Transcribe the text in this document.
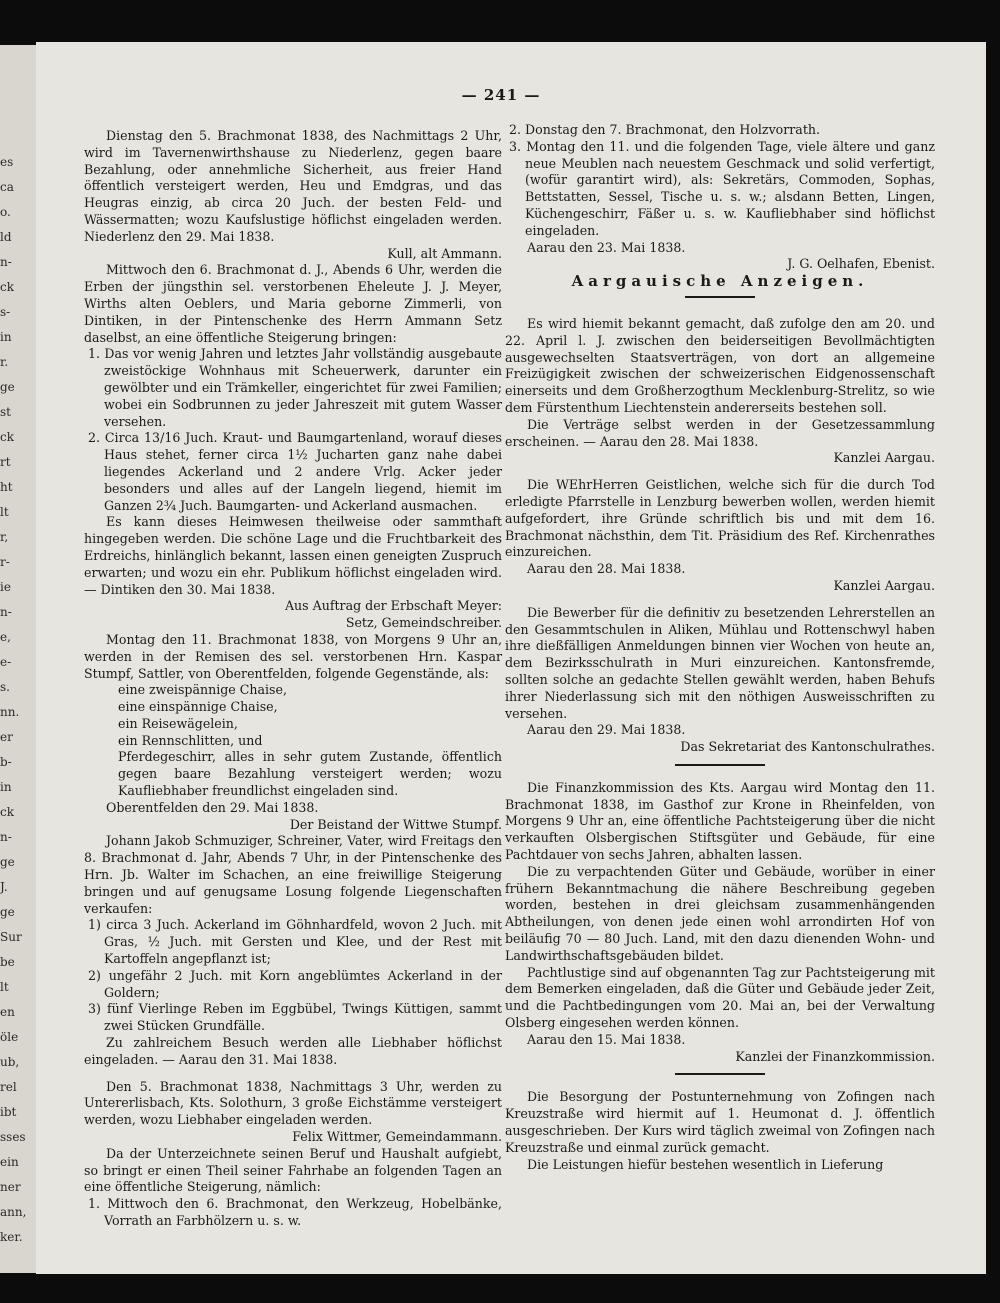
es
ca
o.
ld
n-
ck
s-
in
r.
ge
st
ck
rt
ht
lt
r,
r-
ie
n-
e,
e-
s.
nn.
er
b-
in
ck
n-
ge
J.
ge
Sur
be
lt
en
öle
ub,
rel
ibt
sses
ein
ner
ann,
ker.
— 241 —

Dienstag den 5. Brachmonat 1838, des Nachmittags 2 Uhr, wird im Tavernenwirthshause zu Niederlenz, gegen baare Bezahlung, oder annehmliche Sicherheit, aus freier Hand öffentlich versteigert werden, Heu und Emdgras, und das Heugras einzig, ab circa 20 Juch. der besten Feld- und Wässermatten; wozu Kaufslustige höflichst eingeladen werden. Niederlenz den 29. Mai 1838.

Kull, alt Ammann.

Mittwoch den 6. Brachmonat d. J., Abends 6 Uhr, werden die Erben der jüngsthin sel. verstorbenen Eheleute J. J. Meyer, Wirths alten Oeblers, und Maria geborne Zimmerli, von Dintiken, in der Pintenschenke des Herrn Ammann Setz daselbst, an eine öffentliche Steigerung bringen:

1. Das vor wenig Jahren und letztes Jahr vollständig ausgebaute zweistöckige Wohnhaus mit Scheuerwerk, darunter ein gewölbter und ein Trämkeller, eingerichtet für zwei Familien; wobei ein Sodbrunnen zu jeder Jahreszeit mit gutem Wasser versehen.

2. Circa 13/16 Juch. Kraut- und Baumgartenland, worauf dieses Haus stehet, ferner circa 1½ Jucharten ganz nahe dabei liegendes Ackerland und 2 andere Vrlg. Acker jeder besonders und alles auf der Langeln liegend, hiemit im Ganzen 2¾ Juch. Baumgarten- und Ackerland ausmachen.

Es kann dieses Heimwesen theilweise oder sammthaft hingegeben werden. Die schöne Lage und die Fruchtbarkeit des Erdreichs, hinlänglich bekannt, lassen einen geneigten Zuspruch erwarten; und wozu ein ehr. Publikum höflichst eingeladen wird. — Dintiken den 30. Mai 1838.

Aus Auftrag der Erbschaft Meyer:

Setz, Gemeindschreiber.

Montag den 11. Brachmonat 1838, von Morgens 9 Uhr an, werden in der Remisen des sel. verstorbenen Hrn. Kaspar Stumpf, Sattler, von Oberentfelden, folgende Gegenstände, als:

eine zweispännige Chaise,

eine einspännige Chaise,

ein Reisewägelein,

ein Rennschlitten, und

Pferdegeschirr, alles in sehr gutem Zustande, öffentlich gegen baare Bezahlung versteigert werden; wozu Kaufliebhaber freundlichst eingeladen sind.

Oberentfelden den 29. Mai 1838.

Der Beistand der Wittwe Stumpf.

Johann Jakob Schmuziger, Schreiner, Vater, wird Freitags den 8. Brachmonat d. Jahr, Abends 7 Uhr, in der Pintenschenke des Hrn. Jb. Walter im Schachen, an eine freiwillige Steigerung bringen und auf genugsame Losung folgende Liegenschaften verkaufen:

1) circa 3 Juch. Ackerland im Göhnhardfeld, wovon 2 Juch. mit Gras, ½ Juch. mit Gersten und Klee, und der Rest mit Kartoffeln angepflanzt ist;

2) ungefähr 2 Juch. mit Korn angeblümtes Ackerland in der Goldern;

3) fünf Vierlinge Reben im Eggbübel, Twings Küttigen, sammt zwei Stücken Grundfälle.

Zu zahlreichem Besuch werden alle Liebhaber höflichst eingeladen. — Aarau den 31. Mai 1838.

Den 5. Brachmonat 1838, Nachmittags 3 Uhr, werden zu Untererlisbach, Kts. Solothurn, 3 große Eichstämme versteigert werden, wozu Liebhaber eingeladen werden.

Felix Wittmer, Gemeindammann.

Da der Unterzeichnete seinen Beruf und Haushalt aufgiebt, so bringt er einen Theil seiner Fahrhabe an folgenden Tagen an eine öffentliche Steigerung, nämlich:

1. Mittwoch den 6. Brachmonat, den Werkzeug, Hobelbänke, Vorrath an Farbhölzern u. s. w.

2. Donstag den 7. Brachmonat, den Holzvorrath.

3. Montag den 11. und die folgenden Tage, viele ältere und ganz neue Meublen nach neuestem Geschmack und solid verfertigt, (wofür garantirt wird), als: Sekretärs, Commoden, Sophas, Bettstatten, Sessel, Tische u. s. w.; alsdann Betten, Lingen, Küchengeschirr, Fäßer u. s. w. Kaufliebhaber sind höflichst eingeladen.

Aarau den 23. Mai 1838.

J. G. Oelhafen, Ebenist.

Aargauische Anzeigen.

Es wird hiemit bekannt gemacht, daß zufolge den am 20. und 22. April l. J. zwischen den beiderseitigen Bevollmächtigten ausgewechselten Staatsverträgen, von dort an allgemeine Freizügigkeit zwischen der schweizerischen Eidgenossenschaft einerseits und dem Großherzogthum Mecklenburg-Strelitz, so wie dem Fürstenthum Liechtenstein andererseits bestehen soll.

Die Verträge selbst werden in der Gesetzessammlung erscheinen. — Aarau den 28. Mai 1838.

Kanzlei Aargau.

Die WEhrHerren Geistlichen, welche sich für die durch Tod erledigte Pfarrstelle in Lenzburg bewerben wollen, werden hiemit aufgefordert, ihre Gründe schriftlich bis und mit dem 16. Brachmonat nächsthin, dem Tit. Präsidium des Ref. Kirchenrathes einzureichen.

Aarau den 28. Mai 1838.

Kanzlei Aargau.

Die Bewerber für die definitiv zu besetzenden Lehrerstellen an den Gesammtschulen in Aliken, Mühlau und Rottenschwyl haben ihre dießfälligen Anmeldungen binnen vier Wochen von heute an, dem Bezirksschulrath in Muri einzureichen. Kantonsfremde, sollten solche an gedachte Stellen gewählt werden, haben Behufs ihrer Niederlassung sich mit den nöthigen Ausweisschriften zu versehen.

Aarau den 29. Mai 1838.

Das Sekretariat des Kantonschulrathes.

Die Finanzkommission des Kts. Aargau wird Montag den 11. Brachmonat 1838, im Gasthof zur Krone in Rheinfelden, von Morgens 9 Uhr an, eine öffentliche Pachtsteigerung über die nicht verkauften Olsbergischen Stiftsgüter und Gebäude, für eine Pachtdauer von sechs Jahren, abhalten lassen.

Die zu verpachtenden Güter und Gebäude, worüber in einer frühern Bekanntmachung die nähere Beschreibung gegeben worden, bestehen in drei gleichsam zusammenhängenden Abtheilungen, von denen jede einen wohl arrondirten Hof von beiläufig 70 — 80 Juch. Land, mit den dazu dienenden Wohn- und Landwirthschaftsgebäuden bildet.

Pachtlustige sind auf obgenannten Tag zur Pachtsteigerung mit dem Bemerken eingeladen, daß die Güter und Gebäude jeder Zeit, und die Pachtbedingungen vom 20. Mai an, bei der Verwaltung Olsberg eingesehen werden können.

Aarau den 15. Mai 1838.

Kanzlei der Finanzkommission.

Die Besorgung der Postunternehmung von Zofingen nach Kreuzstraße wird hiermit auf 1. Heumonat d. J. öffentlich ausgeschrieben. Der Kurs wird täglich zweimal von Zofingen nach Kreuzstraße und einmal zurück gemacht.

Die Leistungen hiefür bestehen wesentlich in Lieferung
